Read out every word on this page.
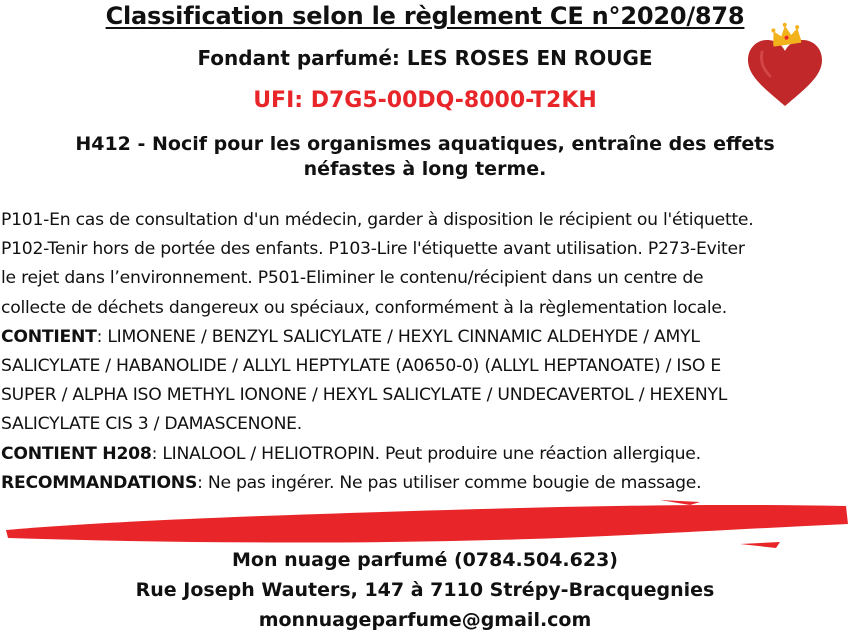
Classification selon le règlement CE n°2020/878
Fondant parfumé: LES ROSES EN ROUGE
UFI: D7G5-00DQ-8000-T2KH
H412 - Nocif pour les organismes aquatiques, entraîne des effets néfastes à long terme.
P101-En cas de consultation d'un médecin, garder à disposition le récipient ou l'étiquette.
P102-Tenir hors de portée des enfants. P103-Lire l'étiquette avant utilisation. P273-Eviter
le rejet dans l’environnement. P501-Eliminer le contenu/récipient dans un centre de
collecte de déchets dangereux ou spéciaux, conformément à la règlementation locale.
CONTIENT: LIMONENE / BENZYL SALICYLATE / HEXYL CINNAMIC ALDEHYDE / AMYL
SALICYLATE / HABANOLIDE / ALLYL HEPTYLATE (A0650-0) (ALLYL HEPTANOATE) / ISO E
SUPER / ALPHA ISO METHYL IONONE / HEXYL SALICYLATE / UNDECAVERTOL / HEXENYL
SALICYLATE CIS 3 / DAMASCENONE.
CONTIENT H208: LINALOOL / HELIOTROPIN. Peut produire une réaction allergique.
RECOMMANDATIONS: Ne pas ingérer. Ne pas utiliser comme bougie de massage.
Mon nuage parfumé (0784.504.623)
Rue Joseph Wauters, 147 à 7110 Strépy-Bracquegnies
monnuageparfume@gmail.com
